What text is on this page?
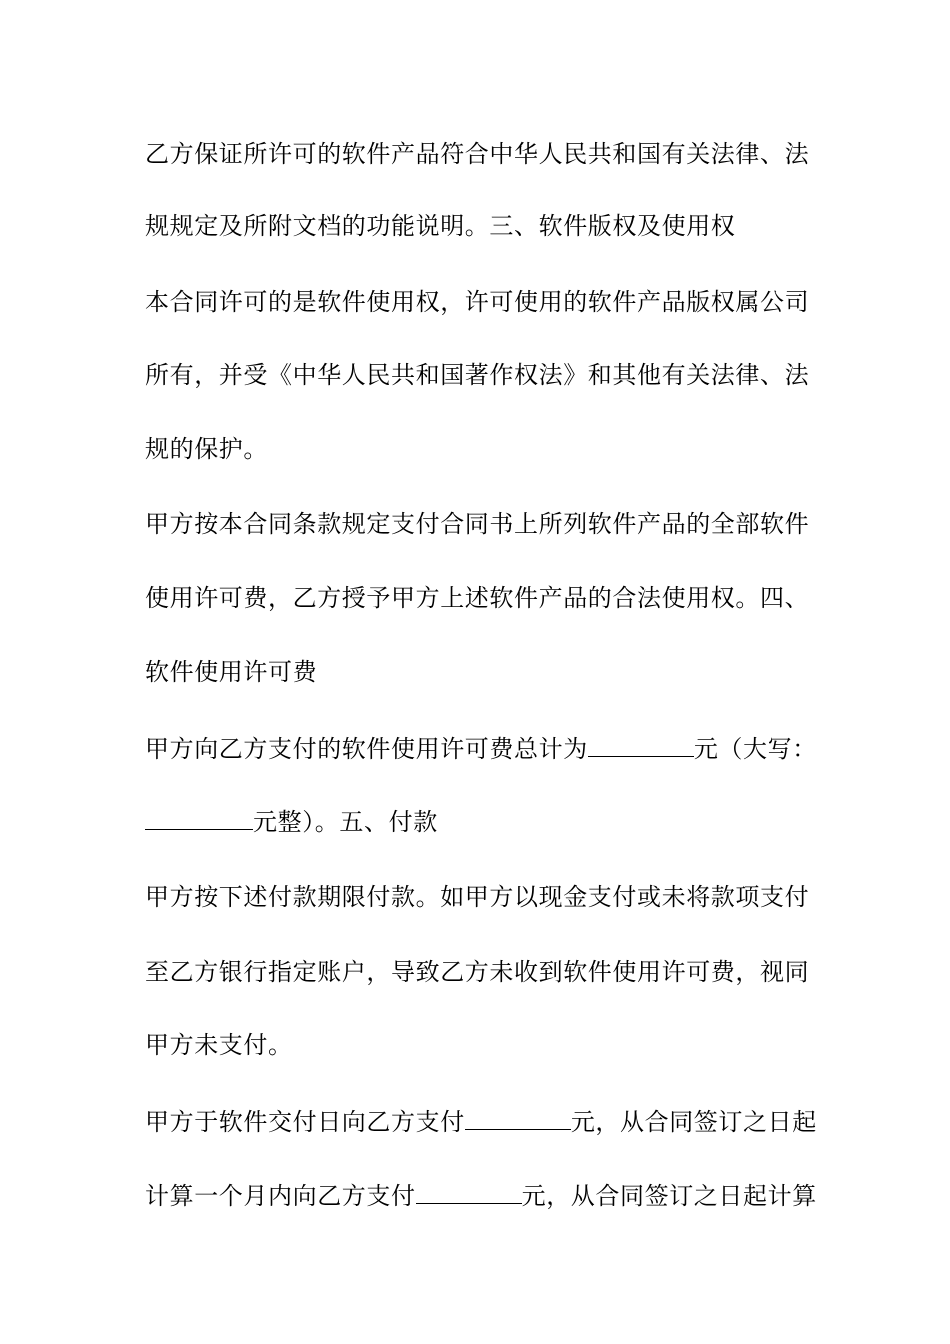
乙方保证所许可的软件产品符合中华人民共和国有关法律、法
规规定及所附文档的功能说明。三、软件版权及使用权
本合同许可的是软件使用权，许可使用的软件产品版权属公司
所有，并受《中华人民共和国著作权法》和其他有关法律、法
规的保护。
甲方按本合同条款规定支付合同书上所列软件产品的全部软件
使用许可费，乙方授予甲方上述软件产品的合法使用权。四、
软件使用许可费
甲方向乙方支付的软件使用许可费总计为	元（大写：
元整）。五、付款
甲方按下述付款期限付款。如甲方以现金支付或未将款项支付
至乙方银行指定账户，导致乙方未收到软件使用许可费，视同
甲方未支付。
甲方于软件交付日向乙方支付	元，从合同签订之日起
计算一个月内向乙方支付	元，从合同签订之日起计算
